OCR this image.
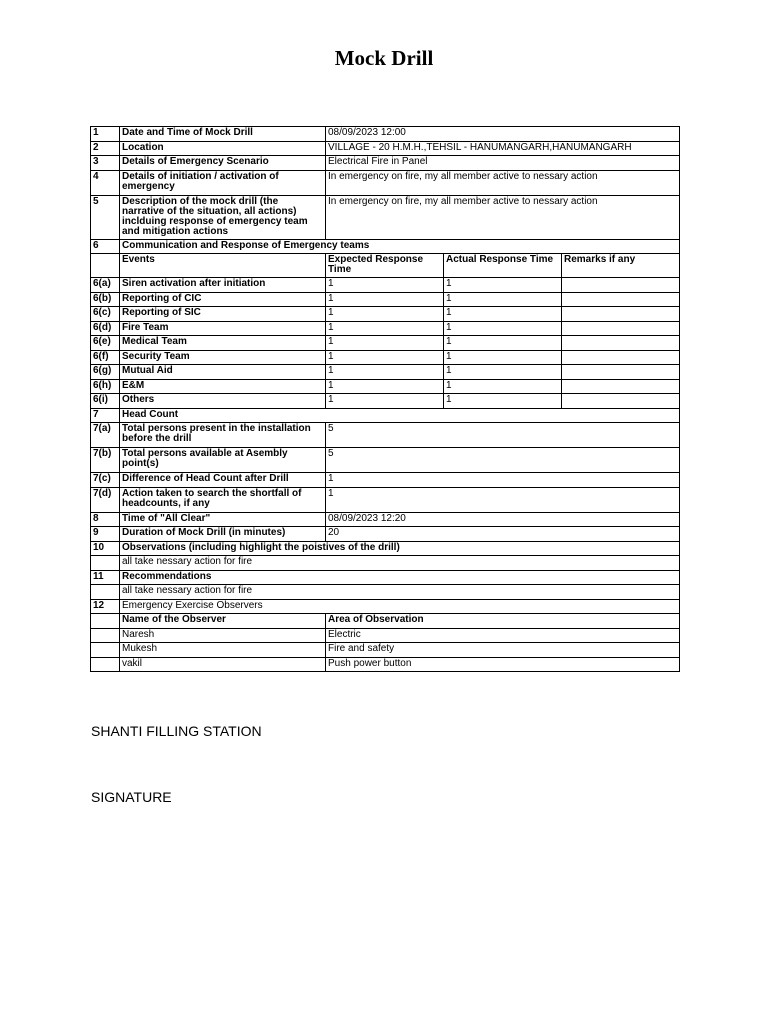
Mock Drill
1	Date and Time of Mock Drill	08/09/2023 12:00		
2	Location	VILLAGE - 20 H.M.H.,TEHSIL - HANUMANGARH,HANUMANGARH		
3	Details of Emergency Scenario	Electrical Fire in Panel		
4	Details of initiation / activation of emergency	In emergency on fire, my all member active to nessary action		
5	Description of the mock drill (the narrative of the situation, all actions) inclduing response of emergency team and mitigation actions	In emergency on fire, my all member active to nessary action		
6	Communication and Response of Emergency teams			
	Events	Expected Response Time	Actual Response Time	Remarks if any
6(a)	Siren activation after initiation	1	1	
6(b)	Reporting of CIC	1	1	
6(c)	Reporting of SIC	1	1	
6(d)	Fire Team	1	1	
6(e)	Medical Team	1	1	
6(f)	Security Team	1	1	
6(g)	Mutual Aid	1	1	
6(h)	E&M	1	1	
6(i)	Others	1	1	
7	Head Count			
7(a)	Total persons present in the installation before the drill	5		
7(b)	Total persons available at Asembly point(s)	5		
7(c)	Difference of Head Count after Drill	1		
7(d)	Action taken to search the shortfall of headcounts, if any	1		
8	Time of "All Clear"	08/09/2023 12:20		
9	Duration of Mock Drill (in minutes)	20		
10	Observations (including highlight the poistives of the drill)			
	all take nessary action for fire			
11	Recommendations			
	all take nessary action for fire			
12	Emergency Exercise Observers			
	Name of the Observer	Area of Observation		
	Naresh	Electric		
	Mukesh	Fire and safety		
	vakil	Push power button		
SHANTI FILLING STATION
SIGNATURE
